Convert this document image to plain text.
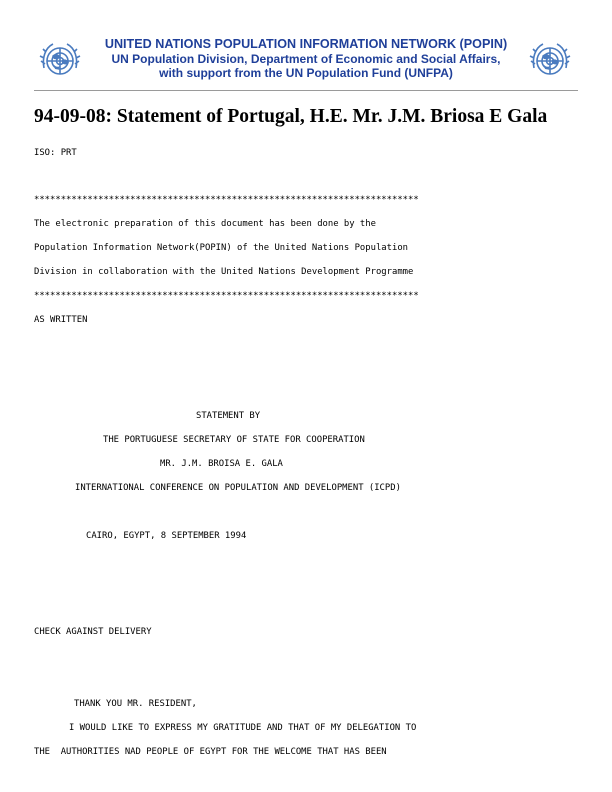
UNITED NATIONS POPULATION INFORMATION NETWORK (POPIN)
UN Population Division, Department of Economic and Social Affairs,
with support from the UN Population Fund (UNFPA)
94-09-08: Statement of Portugal, H.E. Mr. J.M. Briosa E Gala
ISO: PRT
************************************************************************
The electronic preparation of this document has been done by the
Population Information Network(POPIN) of the United Nations Population
Division in collaboration with the United Nations Development Programme
************************************************************************
AS WRITTEN
STATEMENT BY
THE PORTUGUESE SECRETARY OF STATE FOR COOPERATION
MR. J.M. BROISA E. GALA
INTERNATIONAL CONFERENCE ON POPULATION AND DEVELOPMENT (ICPD)
CAIRO, EGYPT, 8 SEPTEMBER 1994
CHECK AGAINST DELIVERY
THANK YOU MR. RESIDENT,
I WOULD LIKE TO EXPRESS MY GRATITUDE AND THAT OF MY DELEGATION TO
THE  AUTHORITIES NAD PEOPLE OF EGYPT FOR THE WELCOME THAT HAS BEEN
